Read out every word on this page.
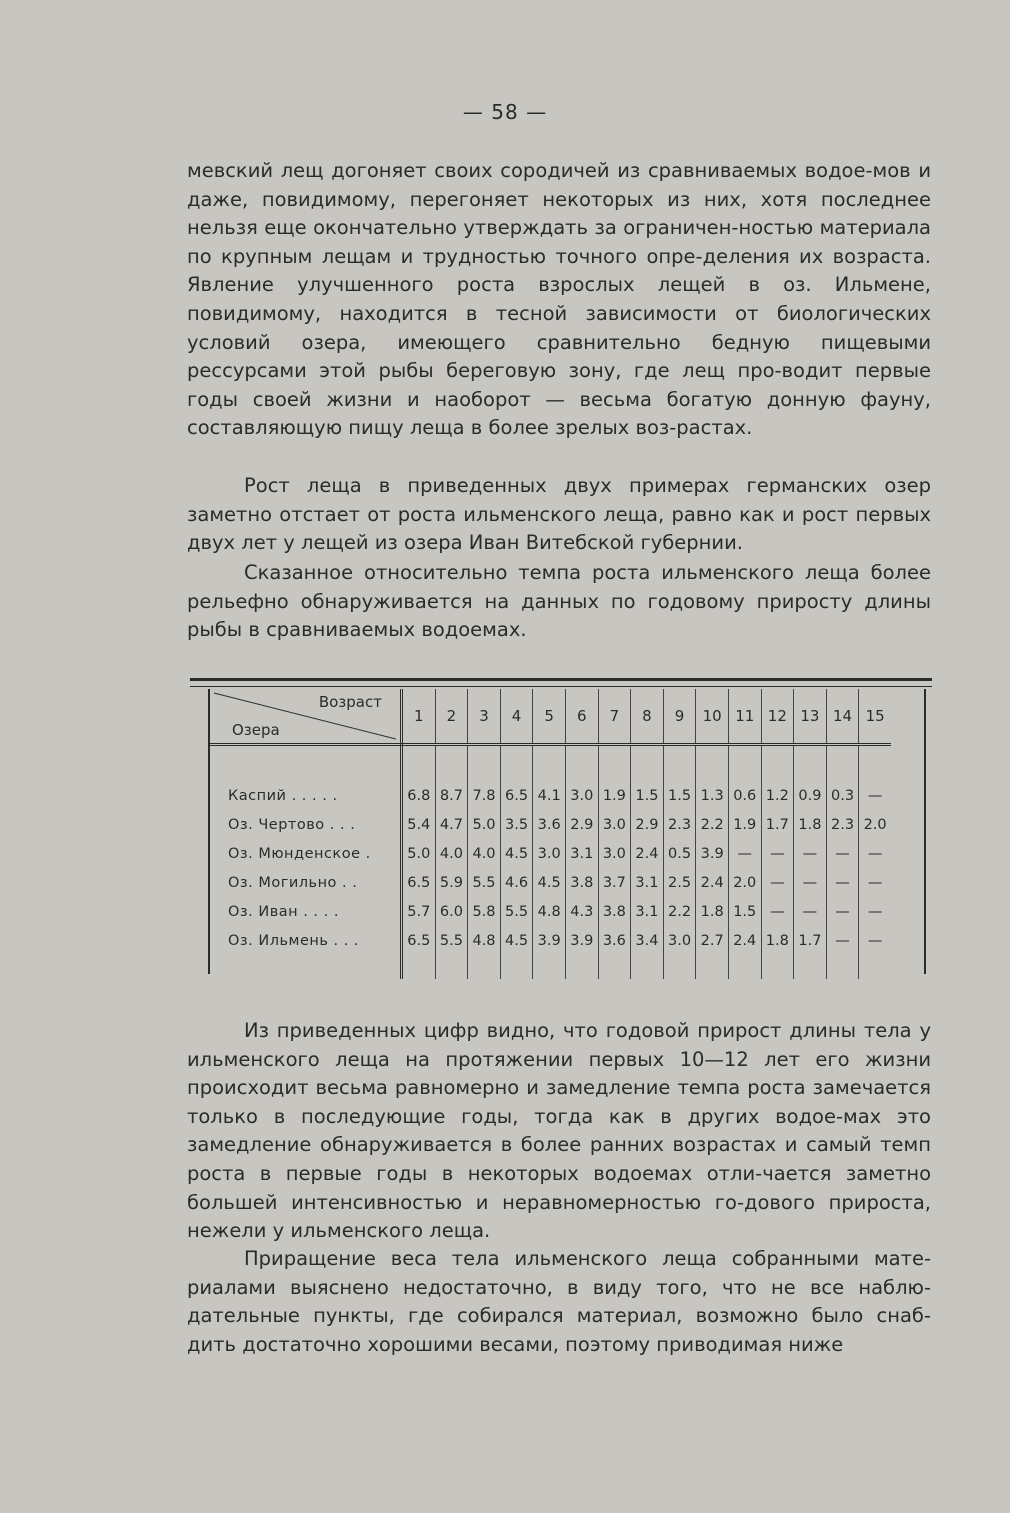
— 58 —

мевский лещ догоняет своих сородичей из сравниваемых водое-мов и даже, повидимому, перегоняет некоторых из них, хотя последнее нельзя еще окончательно утверждать за ограничен-ностью материала по крупным лещам и трудностью точного опре-деления их возраста. Явление улучшенного роста взрослых лещей в оз. Ильмене, повидимому, находится в тесной зависимости от биологических условий озера, имеющего сравнительно бедную пищевыми рессурсами этой рыбы береговую зону, где лещ про-водит первые годы своей жизни и наоборот — весьма богатую донную фауну, составляющую пищу леща в более зрелых воз-растах.

Рост леща в приведенных двух примерах германских озер заметно отстает от роста ильменского леща, равно как и рост первых двух лет у лещей из озера Иван Витебской губернии.

Сказанное относительно темпа роста ильменского леща более рельефно обнаруживается на данных по годовому приросту длины рыбы в сравниваемых водоемах.

Возраст
Озера	1	2	3	4	5	6	7	8	9	10	11	12	13	14	15

Каспий . . . . .	6.8	8.7	7.8	6.5	4.1	3.0	1.9	1.5	1.5	1.3	0.6	1.2	0.9	0.3	—
Оз. Чертово . . .	5.4	4.7	5.0	3.5	3.6	2.9	3.0	2.9	2.3	2.2	1.9	1.7	1.8	2.3	2.0
Оз. Мюнденское .	5.0	4.0	4.0	4.5	3.0	3.1	3.0	2.4	0.5	3.9	—	—	—	—	—
Оз. Могильно . .	6.5	5.9	5.5	4.6	4.5	3.8	3.7	3.1	2.5	2.4	2.0	—	—	—	—
Оз. Иван . . . .	5.7	6.0	5.8	5.5	4.8	4.3	3.8	3.1	2.2	1.8	1.5	—	—	—	—
Оз. Ильмень . . .	6.5	5.5	4.8	4.5	3.9	3.9	3.6	3.4	3.0	2.7	2.4	1.8	1.7	—	—

Из приведенных цифр видно, что годовой прирост длины тела у ильменского леща на протяжении первых 10—12 лет его жизни происходит весьма равномерно и замедление темпа роста замечается только в последующие годы, тогда как в других водое-мах это замедление обнаруживается в более ранних возрастах и самый темп роста в первые годы в некоторых водоемах отли-чается заметно большей интенсивностью и неравномерностью го-дового прироста, нежели у ильменского леща.

Приращение веса тела ильменского леща собранными мате-риалами выяснено недостаточно, в виду того, что не все наблю-дательные пункты, где собирался материал, возможно было снаб-дить достаточно хорошими весами, поэтому приводимая ниже
